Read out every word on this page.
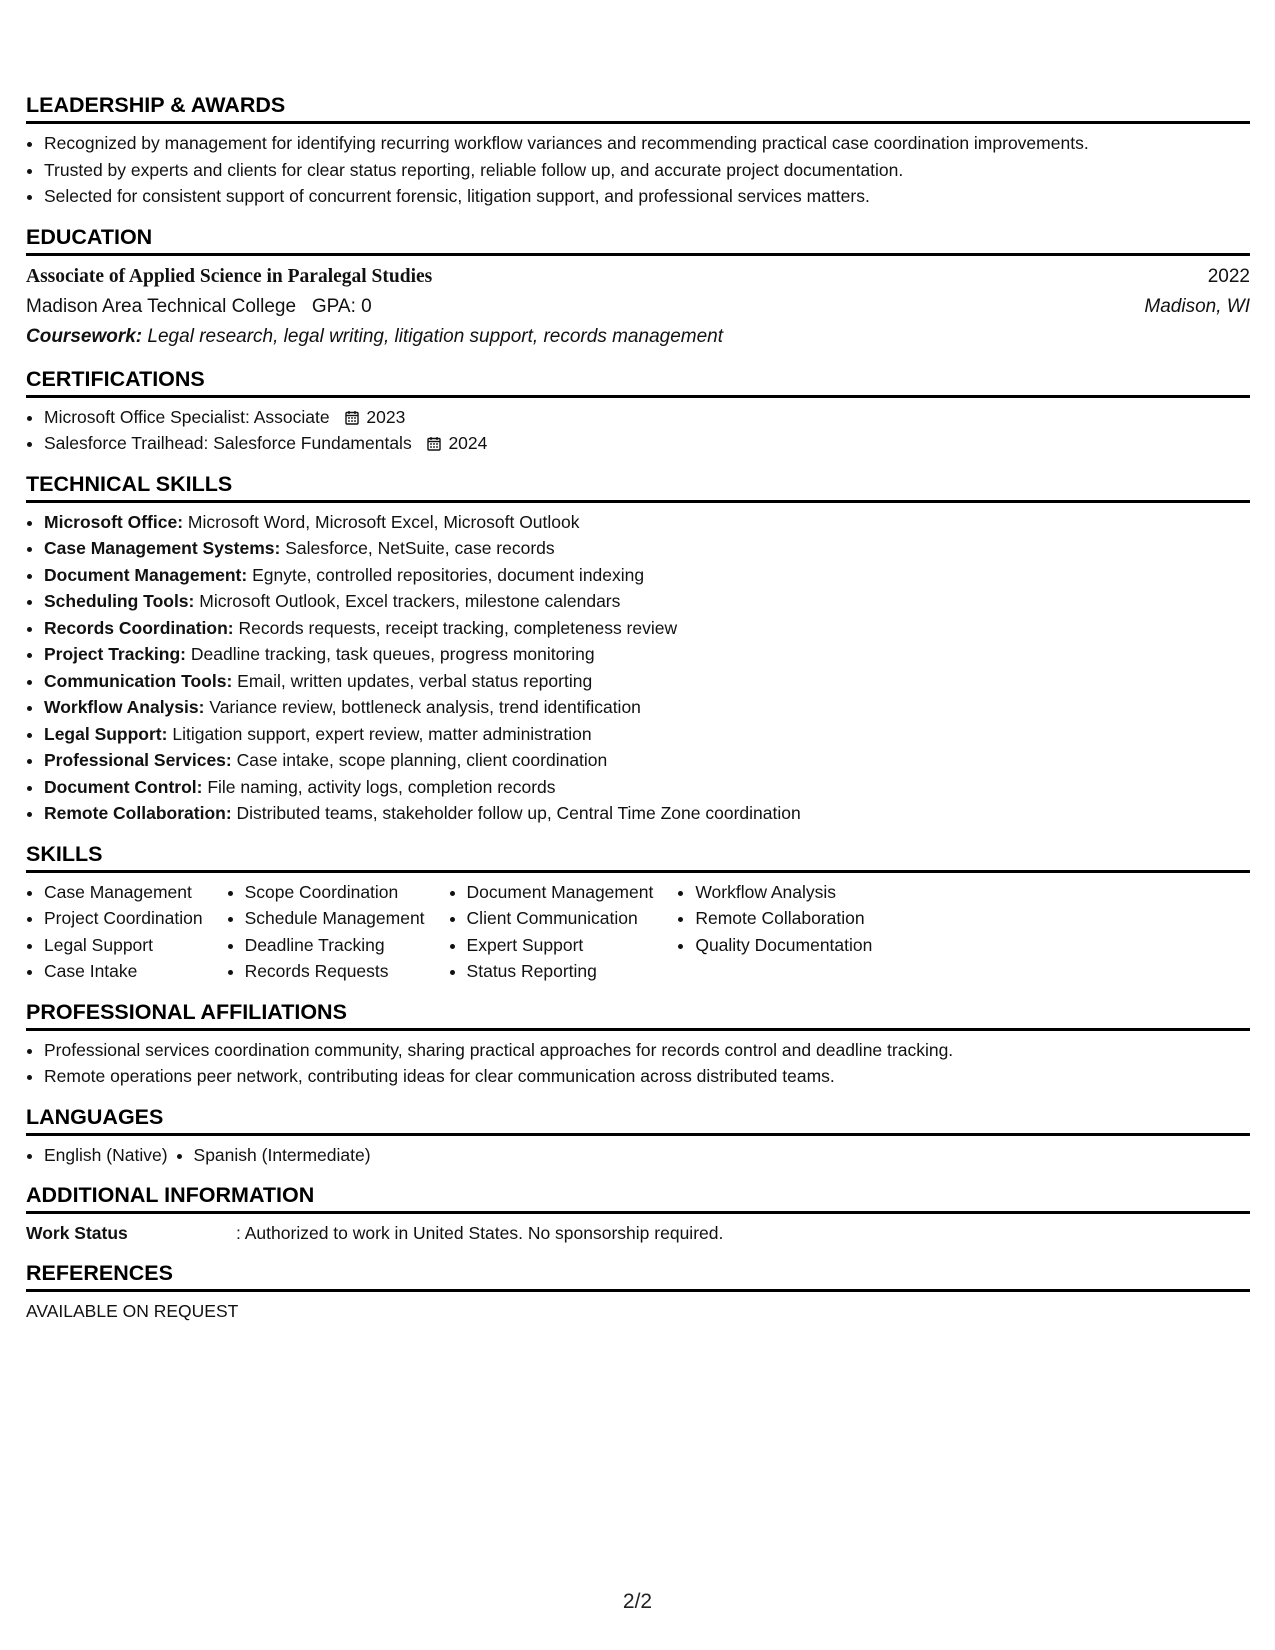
LEADERSHIP & AWARDS
• Recognized by management for identifying recurring workflow variances and recommending practical case coordination improvements.
• Trusted by experts and clients for clear status reporting, reliable follow up, and accurate project documentation.
• Selected for consistent support of concurrent forensic, litigation support, and professional services matters.
EDUCATION
Associate of Applied Science in Paralegal Studies	2022
Madison Area Technical College GPA: 0	Madison, WI
Coursework: Legal research, legal writing, litigation support, records management
CERTIFICATIONS
• Microsoft Office Specialist: Associate 2023
• Salesforce Trailhead: Salesforce Fundamentals 2024
TECHNICAL SKILLS
• Microsoft Office: Microsoft Word, Microsoft Excel, Microsoft Outlook
• Case Management Systems: Salesforce, NetSuite, case records
• Document Management: Egnyte, controlled repositories, document indexing
• Scheduling Tools: Microsoft Outlook, Excel trackers, milestone calendars
• Records Coordination: Records requests, receipt tracking, completeness review
• Project Tracking: Deadline tracking, task queues, progress monitoring
• Communication Tools: Email, written updates, verbal status reporting
• Workflow Analysis: Variance review, bottleneck analysis, trend identification
• Legal Support: Litigation support, expert review, matter administration
• Professional Services: Case intake, scope planning, client coordination
• Document Control: File naming, activity logs, completion records
• Remote Collaboration: Distributed teams, stakeholder follow up, Central Time Zone coordination
SKILLS
• Case Management
• Project Coordination
• Legal Support
• Case Intake
• Scope Coordination
• Schedule Management
• Deadline Tracking
• Records Requests
• Document Management
• Client Communication
• Expert Support
• Status Reporting
• Workflow Analysis
• Remote Collaboration
• Quality Documentation
PROFESSIONAL AFFILIATIONS
• Professional services coordination community, sharing practical approaches for records control and deadline tracking.
• Remote operations peer network, contributing ideas for clear communication across distributed teams.
LANGUAGES
• English (Native)
• Spanish (Intermediate)
ADDITIONAL INFORMATION
Work Status	: Authorized to work in United States. No sponsorship required.
REFERENCES
AVAILABLE ON REQUEST
2/2
